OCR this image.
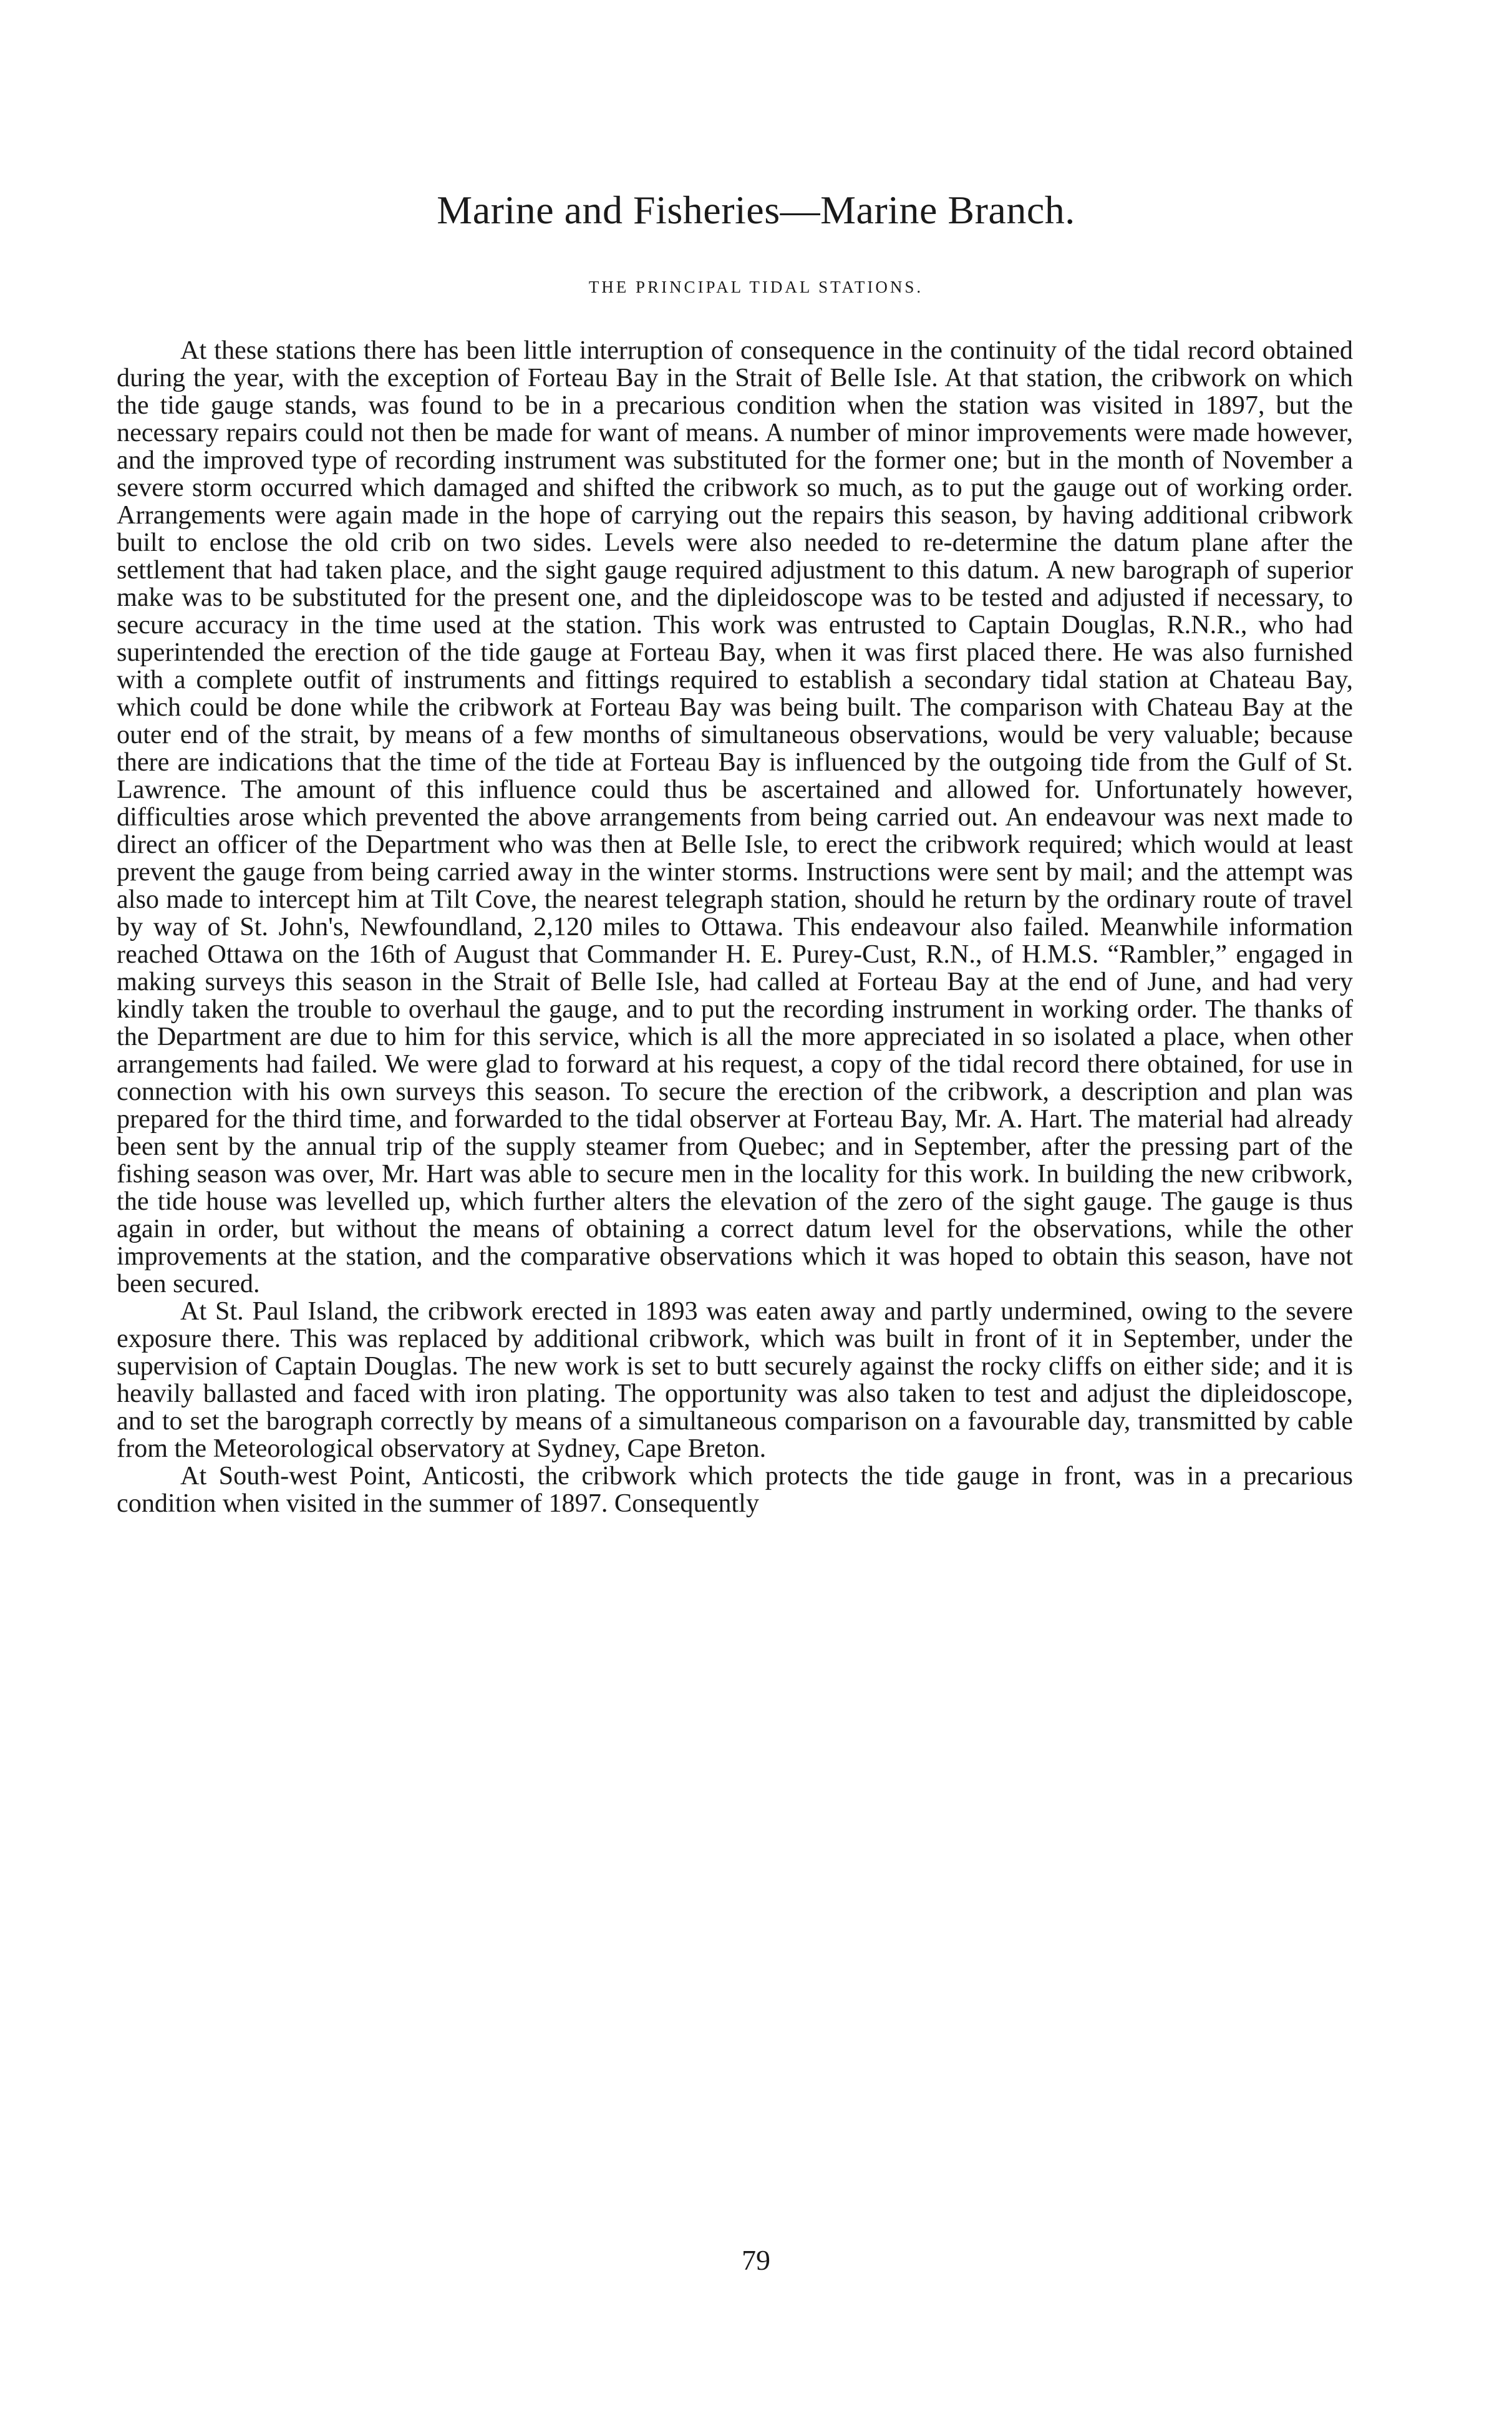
Marine and Fisheries—Marine Branch.
THE PRINCIPAL TIDAL STATIONS.

At these stations there has been little interruption of consequence in the continuity of the tidal record obtained during the year, with the exception of Forteau Bay in the Strait of Belle Isle. At that station, the cribwork on which the tide gauge stands, was found to be in a precarious condition when the station was visited in 1897, but the necessary repairs could not then be made for want of means. A number of minor improvements were made however, and the improved type of recording instrument was substituted for the former one; but in the month of November a severe storm occurred which damaged and shifted the cribwork so much, as to put the gauge out of working order. Arrangements were again made in the hope of carrying out the repairs this season, by having additional cribwork built to enclose the old crib on two sides. Levels were also needed to re-determine the datum plane after the settlement that had taken place, and the sight gauge required adjustment to this datum. A new barograph of superior make was to be substituted for the present one, and the dipleidoscope was to be tested and adjusted if necessary, to secure accuracy in the time used at the station. This work was entrusted to Captain Douglas, R.N.R., who had superintended the erection of the tide gauge at Forteau Bay, when it was first placed there. He was also furnished with a complete outfit of instruments and fittings required to establish a secondary tidal station at Chateau Bay, which could be done while the cribwork at Forteau Bay was being built. The comparison with Chateau Bay at the outer end of the strait, by means of a few months of simultaneous observations, would be very valuable; because there are indications that the time of the tide at Forteau Bay is influenced by the outgoing tide from the Gulf of St. Lawrence. The amount of this influence could thus be ascertained and allowed for. Unfortunately however, difficulties arose which prevented the above arrangements from being carried out. An endeavour was next made to direct an officer of the Department who was then at Belle Isle, to erect the cribwork required; which would at least prevent the gauge from being carried away in the winter storms. Instructions were sent by mail; and the attempt was also made to intercept him at Tilt Cove, the nearest telegraph station, should he return by the ordinary route of travel by way of St. John's, Newfoundland, 2,120 miles to Ottawa. This endeavour also failed. Meanwhile information reached Ottawa on the 16th of August that Commander H. E. Purey-Cust, R.N., of H.M.S. “Rambler,” engaged in making surveys this season in the Strait of Belle Isle, had called at Forteau Bay at the end of June, and had very kindly taken the trouble to overhaul the gauge, and to put the recording instrument in working order. The thanks of the Department are due to him for this service, which is all the more appreciated in so isolated a place, when other arrangements had failed. We were glad to forward at his request, a copy of the tidal record there obtained, for use in connection with his own surveys this season. To secure the erection of the cribwork, a description and plan was prepared for the third time, and forwarded to the tidal observer at Forteau Bay, Mr. A. Hart. The material had already been sent by the annual trip of the supply steamer from Quebec; and in September, after the pressing part of the fishing season was over, Mr. Hart was able to secure men in the locality for this work. In building the new cribwork, the tide house was levelled up, which further alters the elevation of the zero of the sight gauge. The gauge is thus again in order, but without the means of obtaining a correct datum level for the observations, while the other improvements at the station, and the comparative observations which it was hoped to obtain this season, have not been secured.

At St. Paul Island, the cribwork erected in 1893 was eaten away and partly undermined, owing to the severe exposure there. This was replaced by additional cribwork, which was built in front of it in September, under the supervision of Captain Douglas. The new work is set to butt securely against the rocky cliffs on either side; and it is heavily ballasted and faced with iron plating. The opportunity was also taken to test and adjust the dipleidoscope, and to set the barograph correctly by means of a simultaneous comparison on a favourable day, transmitted by cable from the Meteorological observatory at Sydney, Cape Breton.

At South-west Point, Anticosti, the cribwork which protects the tide gauge in front, was in a precarious condition when visited in the summer of 1897. Consequently

79
